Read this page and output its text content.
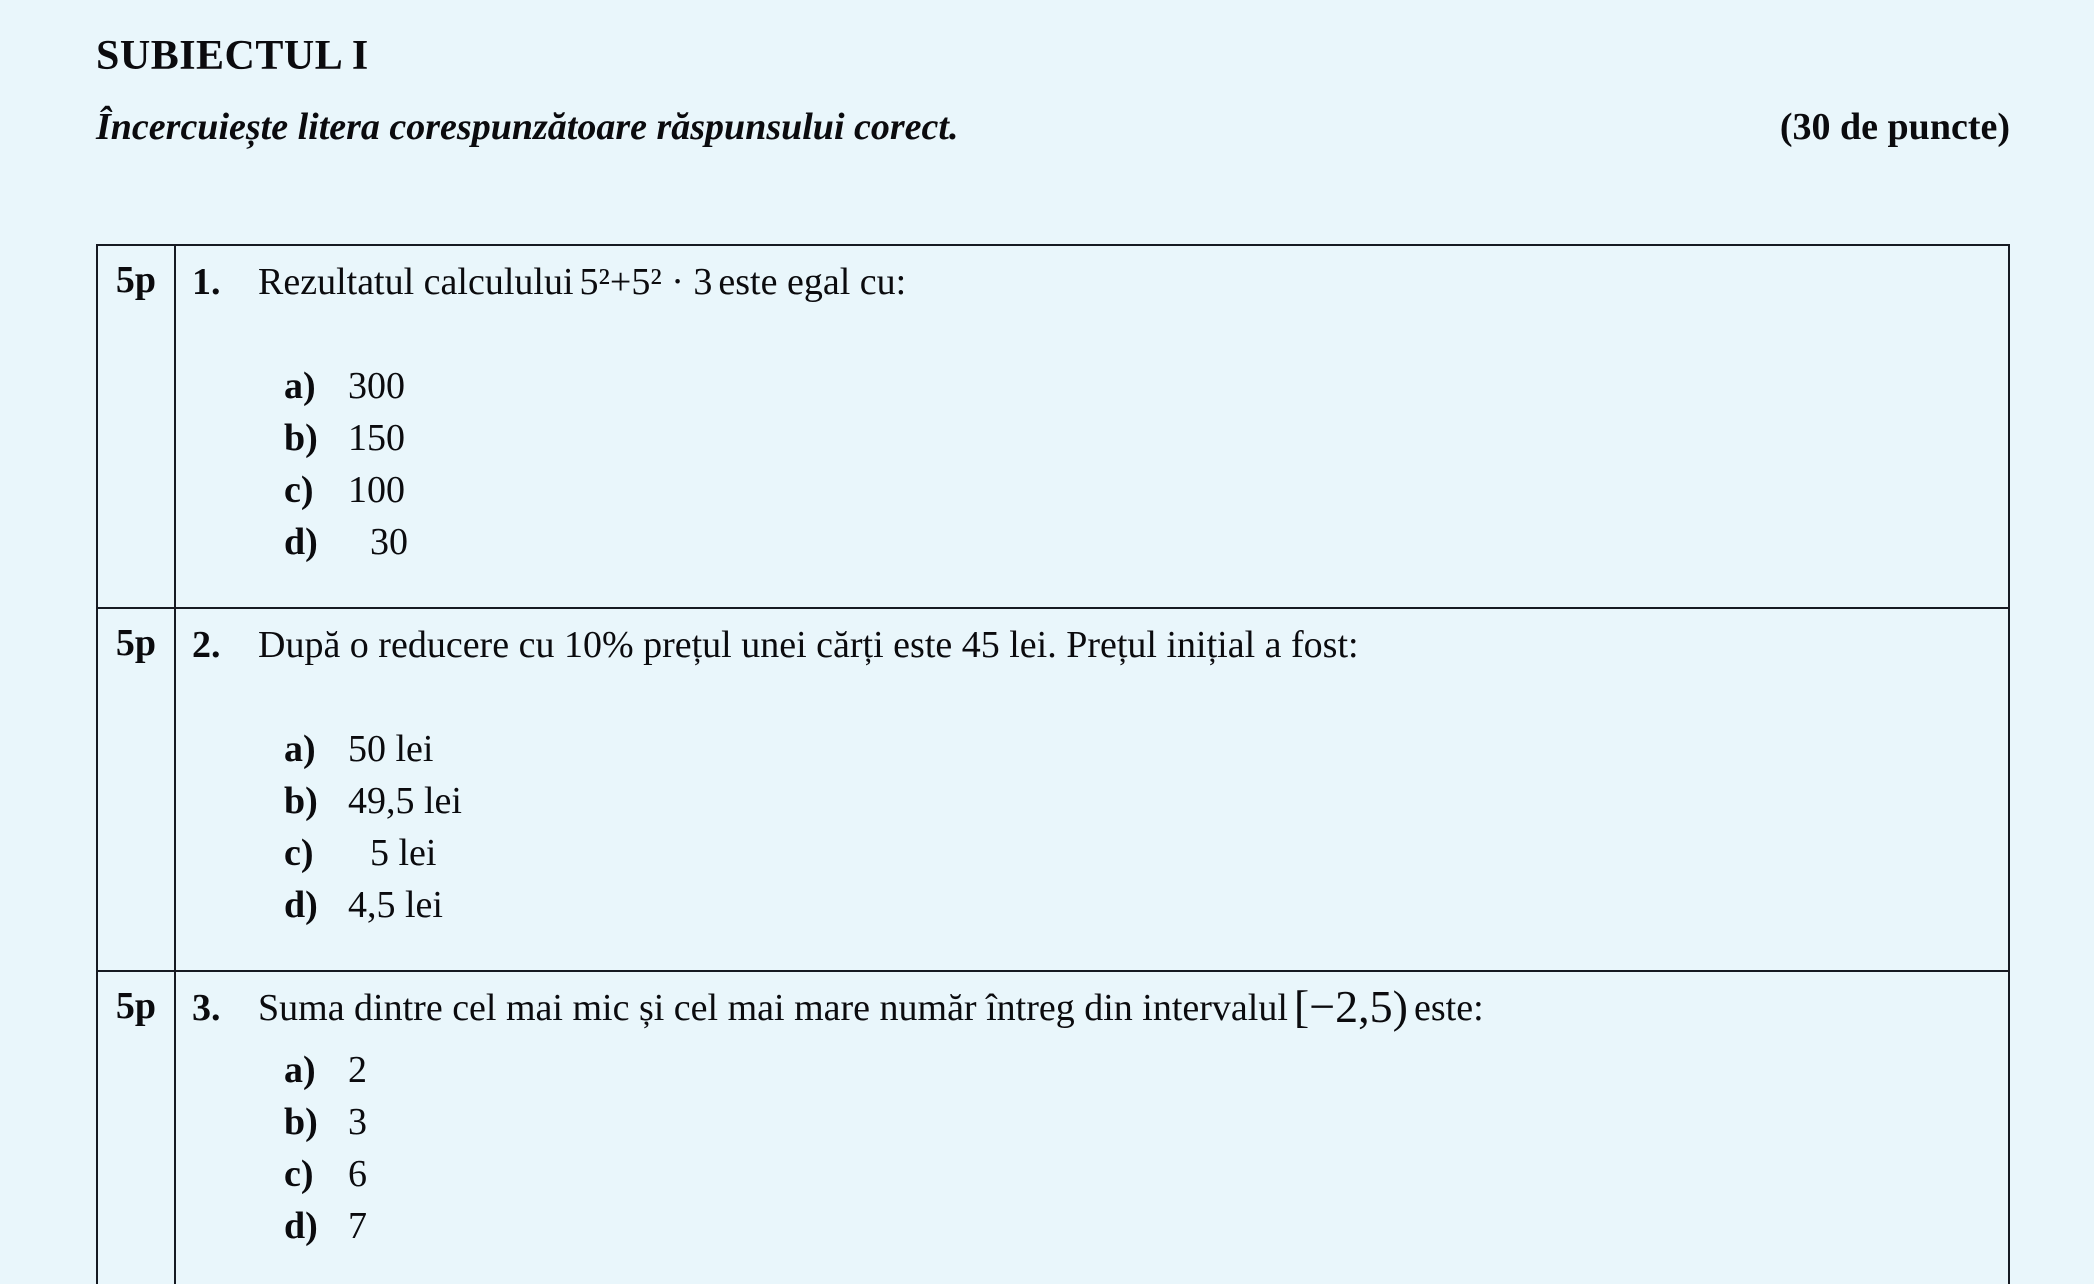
SUBIECTUL I
Încercuiește litera corespunzătoare răspunsului corect.	(30 de puncte)
5p 1. Rezultatul calculului 5²+5² · 3 este egal cu:
a) 300
b) 150
c) 100
d) 30
5p 2. După o reducere cu 10% prețul unei cărți este 45 lei. Prețul inițial a fost:
a) 50 lei
b) 49,5 lei
c) 5 lei
d) 4,5 lei
5p 3. Suma dintre cel mai mic și cel mai mare număr întreg din intervalul [−2,5) este:
a) 2
b) 3
c) 6
d) 7
